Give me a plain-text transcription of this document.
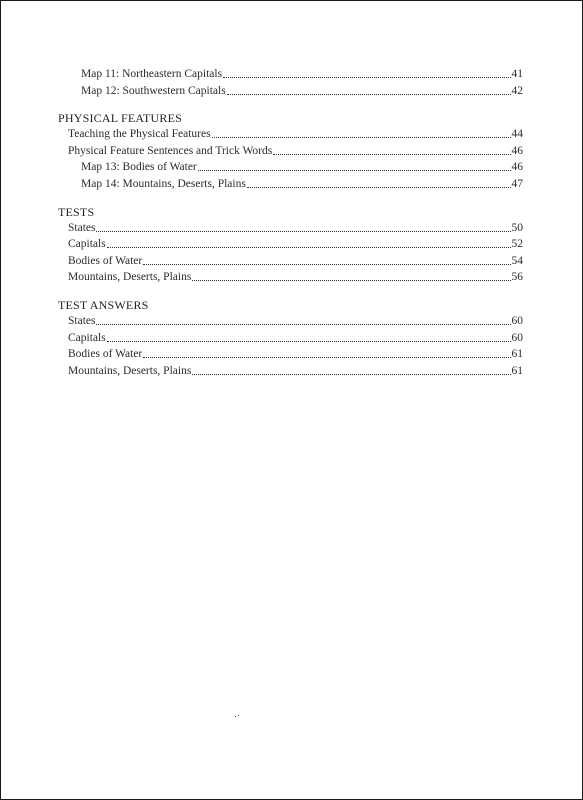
Map 11: Northeastern Capitals	41
Map 12: Southwestern Capitals	42
PHYSICAL FEATURES
Teaching the Physical Features	44
Physical Feature Sentences and Trick Words	46
Map 13: Bodies of Water	46
Map 14: Mountains, Deserts, Plains	47
TESTS
States	50
Capitals	52
Bodies of Water	54
Mountains, Deserts, Plains	56
TEST ANSWERS
States	60
Capitals	60
Bodies of Water	61
Mountains, Deserts, Plains	61
